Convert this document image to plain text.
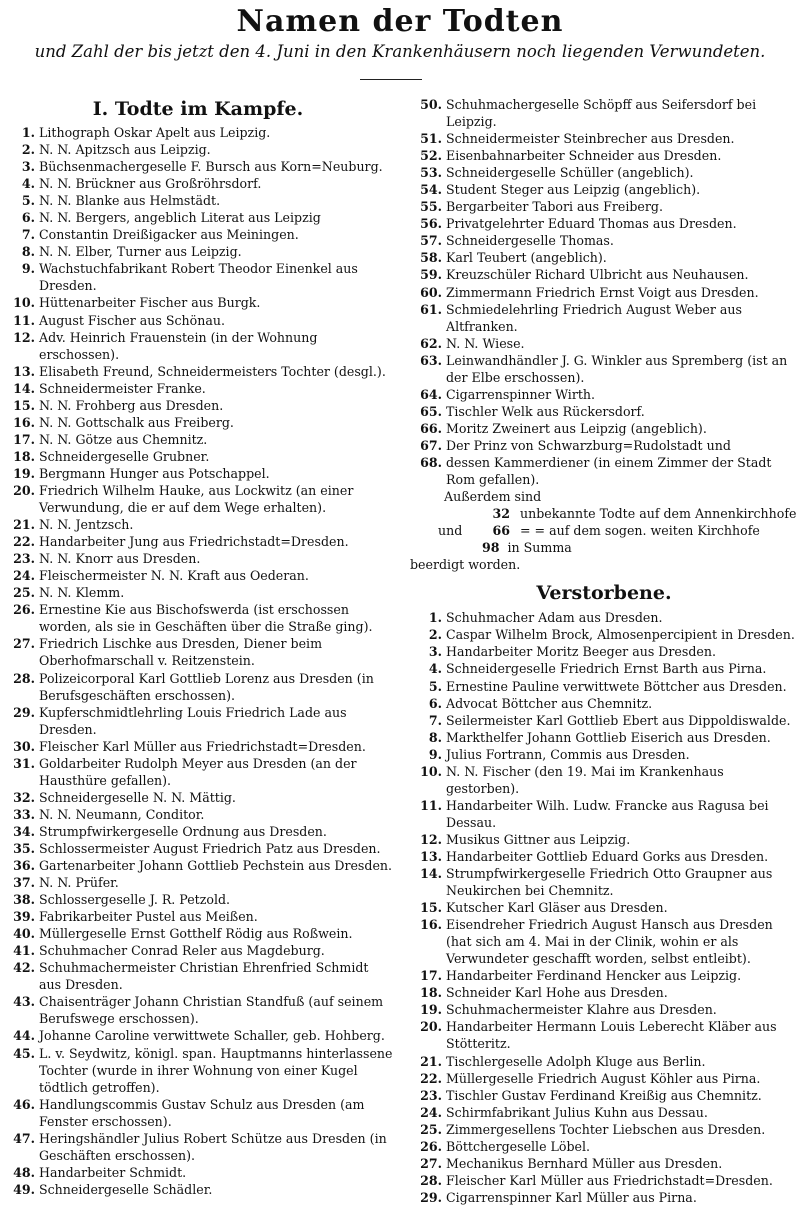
Namen der Todten
und Zahl der bis jetzt den 4. Juni in den Krankenhäusern noch liegenden Verwundeten.
I. Todte im Kampfe.
1. Lithograph Oskar Apelt aus Leipzig.
2. N. N. Apitzsch aus Leipzig.
3. Büchsenmachergeselle F. Bursch aus Korn=Neuburg.
4. N. N. Brückner aus Großröhrsdorf.
5. N. N. Blanke aus Helmstädt.
6. N. N. Bergers, angeblich Literat aus Leipzig
7. Constantin Dreißigacker aus Meiningen.
8. N. N. Elber, Turner aus Leipzig.
9. Wachstuchfabrikant Robert Theodor Einenkel aus Dresden.
10. Hüttenarbeiter Fischer aus Burgk.
11. August Fischer aus Schönau.
12. Adv. Heinrich Frauenstein (in der Wohnung erschossen).
13. Elisabeth Freund, Schneidermeisters Tochter (desgl.).
14. Schneidermeister Franke.
15. N. N. Frohberg aus Dresden.
16. N. N. Gottschalk aus Freiberg.
17. N. N. Götze aus Chemnitz.
18. Schneidergeselle Grubner.
19. Bergmann Hunger aus Potschappel.
20. Friedrich Wilhelm Hauke, aus Lockwitz (an einer Verwundung, die er auf dem Wege erhalten).
21. N. N. Jentzsch.
22. Handarbeiter Jung aus Friedrichstadt=Dresden.
23. N. N. Knorr aus Dresden.
24. Fleischermeister N. N. Kraft aus Oederan.
25. N. N. Klemm.
26. Ernestine Kie aus Bischofswerda (ist erschossen worden, als sie in Geschäften über die Straße ging).
27. Friedrich Lischke aus Dresden, Diener beim Oberhofmarschall v. Reitzenstein.
28. Polizeicorporal Karl Gottlieb Lorenz aus Dresden (in Berufsgeschäften erschossen).
29. Kupferschmidtlehrling Louis Friedrich Lade aus Dresden.
30. Fleischer Karl Müller aus Friedrichstadt=Dresden.
31. Goldarbeiter Rudolph Meyer aus Dresden (an der Hausthüre gefallen).
32. Schneidergeselle N. N. Mättig.
33. N. N. Neumann, Conditor.
34. Strumpfwirkergeselle Ordnung aus Dresden.
35. Schlossermeister August Friedrich Patz aus Dresden.
36. Gartenarbeiter Johann Gottlieb Pechstein aus Dresden.
37. N. N. Prüfer.
38. Schlossergeselle J. R. Petzold.
39. Fabrikarbeiter Pustel aus Meißen.
40. Müllergeselle Ernst Gotthelf Rödig aus Roßwein.
41. Schuhmacher Conrad Reler aus Magdeburg.
42. Schuhmachermeister Christian Ehrenfried Schmidt aus Dresden.
43. Chaisenträger Johann Christian Standfuß (auf seinem Berufswege erschossen).
44. Johanne Caroline verwittwete Schaller, geb. Hohberg.
45. L. v. Seydwitz, königl. span. Hauptmanns hinterlassene Tochter (wurde in ihrer Wohnung von einer Kugel tödtlich getroffen).
46. Handlungscommis Gustav Schulz aus Dresden (am Fenster erschossen).
47. Heringshändler Julius Robert Schütze aus Dresden (in Geschäften erschossen).
48. Handarbeiter Schmidt.
49. Schneidergeselle Schädler.
50. Schuhmachergeselle Schöpff aus Seifersdorf bei Leipzig.
51. Schneidermeister Steinbrecher aus Dresden.
52. Eisenbahnarbeiter Schneider aus Dresden.
53. Schneidergeselle Schüller (angeblich).
54. Student Steger aus Leipzig (angeblich).
55. Bergarbeiter Tabori aus Freiberg.
56. Privatgelehrter Eduard Thomas aus Dresden.
57. Schneidergeselle Thomas.
58. Karl Teubert (angeblich).
59. Kreuzschüler Richard Ulbricht aus Neuhausen.
60. Zimmermann Friedrich Ernst Voigt aus Dresden.
61. Schmiedelehrling Friedrich August Weber aus Altfranken.
62. N. N. Wiese.
63. Leinwandhändler J. G. Winkler aus Spremberg (ist an der Elbe erschossen).
64. Cigarrenspinner Wirth.
65. Tischler Welk aus Rückersdorf.
66. Moritz Zweinert aus Leipzig (angeblich).
67. Der Prinz von Schwarzburg=Rudolstadt und
68. dessen Kammerdiener (in einem Zimmer der Stadt Rom gefallen).
Außerdem sind
32 unbekannte Todte auf dem Annenkirchhofe
und	66 = = auf dem sogen. weiten Kirchhofe
98 in Summa
beerdigt worden.
Verstorbene.
1. Schuhmacher Adam aus Dresden.
2. Caspar Wilhelm Brock, Almosenpercipient in Dresden.
3. Handarbeiter Moritz Beeger aus Dresden.
4. Schneidergeselle Friedrich Ernst Barth aus Pirna.
5. Ernestine Pauline verwittwete Böttcher aus Dresden.
6. Advocat Böttcher aus Chemnitz.
7. Seilermeister Karl Gottlieb Ebert aus Dippoldiswalde.
8. Markthelfer Johann Gottlieb Eiserich aus Dresden.
9. Julius Fortrann, Commis aus Dresden.
10. N. N. Fischer (den 19. Mai im Krankenhaus gestorben).
11. Handarbeiter Wilh. Ludw. Francke aus Ragusa bei Dessau.
12. Musikus Gittner aus Leipzig.
13. Handarbeiter Gottlieb Eduard Gorks aus Dresden.
14. Strumpfwirkergeselle Friedrich Otto Graupner aus Neukirchen bei Chemnitz.
15. Kutscher Karl Gläser aus Dresden.
16. Eisendreher Friedrich August Hansch aus Dresden (hat sich am 4. Mai in der Clinik, wohin er als Verwundeter geschafft worden, selbst entleibt).
17. Handarbeiter Ferdinand Hencker aus Leipzig.
18. Schneider Karl Hohe aus Dresden.
19. Schuhmachermeister Klahre aus Dresden.
20. Handarbeiter Hermann Louis Leberecht Kläber aus Stötteritz.
21. Tischlergeselle Adolph Kluge aus Berlin.
22. Müllergeselle Friedrich August Köhler aus Pirna.
23. Tischler Gustav Ferdinand Kreißig aus Chemnitz.
24. Schirmfabrikant Julius Kuhn aus Dessau.
25. Zimmergesellens Tochter Liebschen aus Dresden.
26. Böttchergeselle Löbel.
27. Mechanikus Bernhard Müller aus Dresden.
28. Fleischer Karl Müller aus Friedrichstadt=Dresden.
29. Cigarrenspinner Karl Müller aus Pirna.
